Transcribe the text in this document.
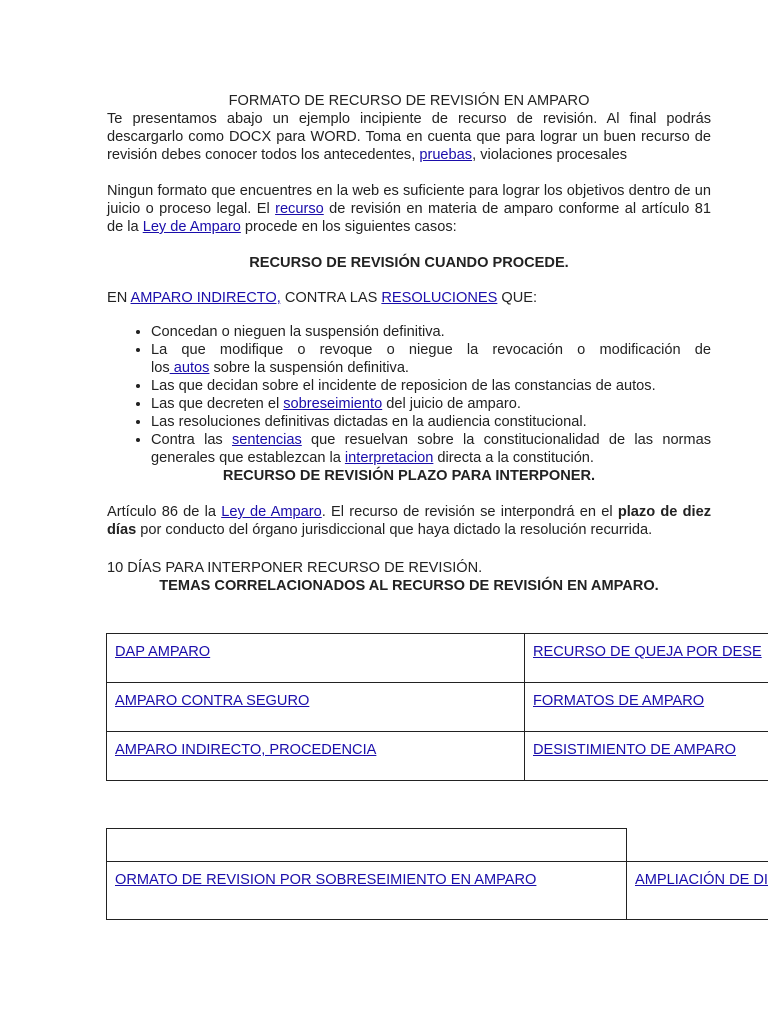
FORMATO DE RECURSO DE REVISIÓN EN AMPARO

Te presentamos abajo un ejemplo incipiente de recurso de revisión. Al final podrás descargarlo como DOCX para WORD. Toma en cuenta que para lograr un buen recurso de revisión debes conocer todos los antecedentes, pruebas, violaciones procesales

Ningun formato que encuentres en la web es suficiente para lograr los objetivos dentro de un juicio o proceso legal. El recurso de revisión en materia de amparo conforme al artículo 81 de la Ley de Amparo procede en los siguientes casos:

RECURSO DE REVISIÓN CUANDO PROCEDE.

EN AMPARO INDIRECTO, CONTRA LAS RESOLUCIONES QUE:

• Concedan o nieguen la suspensión definitiva.
• La que modifique o revoque o niegue la revocación o modificación de
los autos sobre la suspensión definitiva.
• Las que decidan sobre el incidente de reposicion de las constancias de autos.
• Las que decreten el sobreseimiento del juicio de amparo.
• Las resoluciones definitivas dictadas en la audiencia constitucional.
• Contra las sentencias que resuelvan sobre la constitucionalidad de las normas generales que establezcan la interpretacion directa a la constitución.

RECURSO DE REVISIÓN PLAZO PARA INTERPONER.

Artículo 86 de la Ley de Amparo. El recurso de revisión se interpondrá en el plazo de diez días por conducto del órgano jurisdiccional que haya dictado la resolución recurrida.

10 DÍAS PARA INTERPONER RECURSO DE REVISIÓN.

TEMAS CORRELACIONADOS AL RECURSO DE REVISIÓN EN AMPARO.

DAP AMPARO	RECURSO DE QUEJA POR DESE
AMPARO CONTRA SEGURO	FORMATOS DE AMPARO
AMPARO INDIRECTO, PROCEDENCIA	DESISTIMIENTO DE AMPARO

ORMATO DE REVISION POR SOBRESEIMIENTO EN AMPARO	AMPLIACIÓN DE DI
